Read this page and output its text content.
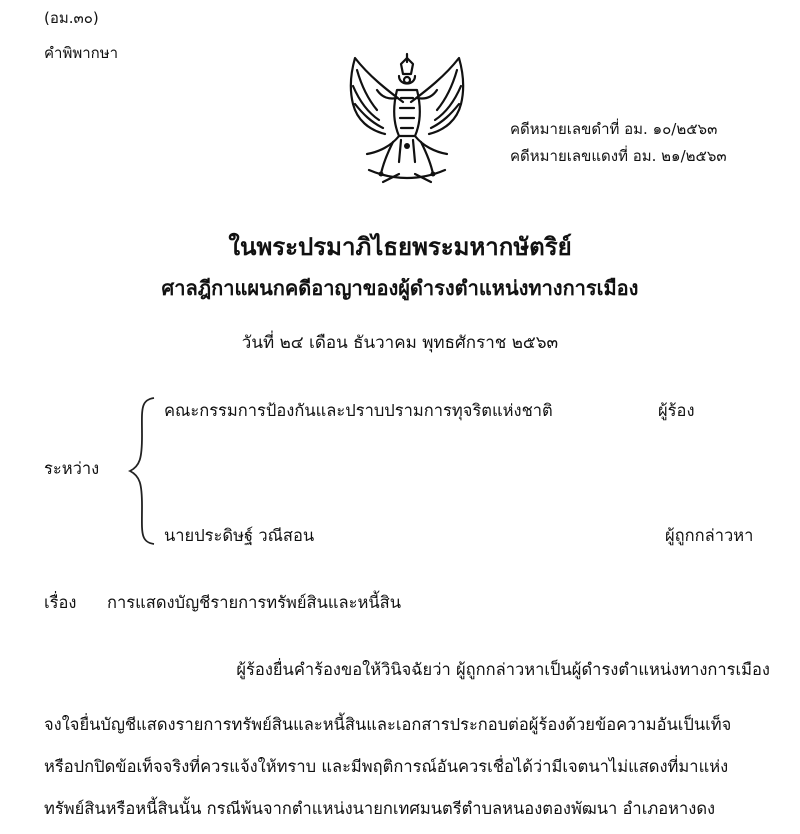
(อม.๓๐)
คำพิพากษา
คดีหมายเลขดำที่ อม. ๑๐/๒๕๖๓
คดีหมายเลขแดงที่ อม. ๒๑/๒๕๖๓
ในพระปรมาภิไธยพระมหากษัตริย์
ศาลฎีกาแผนกคดีอาญาของผู้ดำรงตำแหน่งทางการเมือง
วันที่ ๒๔ เดือน ธันวาคม พุทธศักราช ๒๕๖๓
คณะกรรมการป้องกันและปราบปรามการทุจริตแห่งชาติ	ผู้ร้อง
ระหว่าง
นายประดิษฐ์ วณีสอน	ผู้ถูกกล่าวหา
เรื่อง การแสดงบัญชีรายการทรัพย์สินและหนี้สิน
ผู้ร้องยื่นคำร้องขอให้วินิจฉัยว่า ผู้ถูกกล่าวหาเป็นผู้ดำรงตำแหน่งทางการเมือง
จงใจยื่นบัญชีแสดงรายการทรัพย์สินและหนี้สินและเอกสารประกอบต่อผู้ร้องด้วยข้อความอันเป็นเท็จ
หรือปกปิดข้อเท็จจริงที่ควรแจ้งให้ทราบ และมีพฤติการณ์อันควรเชื่อได้ว่ามีเจตนาไม่แสดงที่มาแห่ง
ทรัพย์สินหรือหนี้สินนั้น กรณีพ้นจากตำแหน่งนายกเทศมนตรีตำบลหนองตองพัฒนา อำเภอหางดง
